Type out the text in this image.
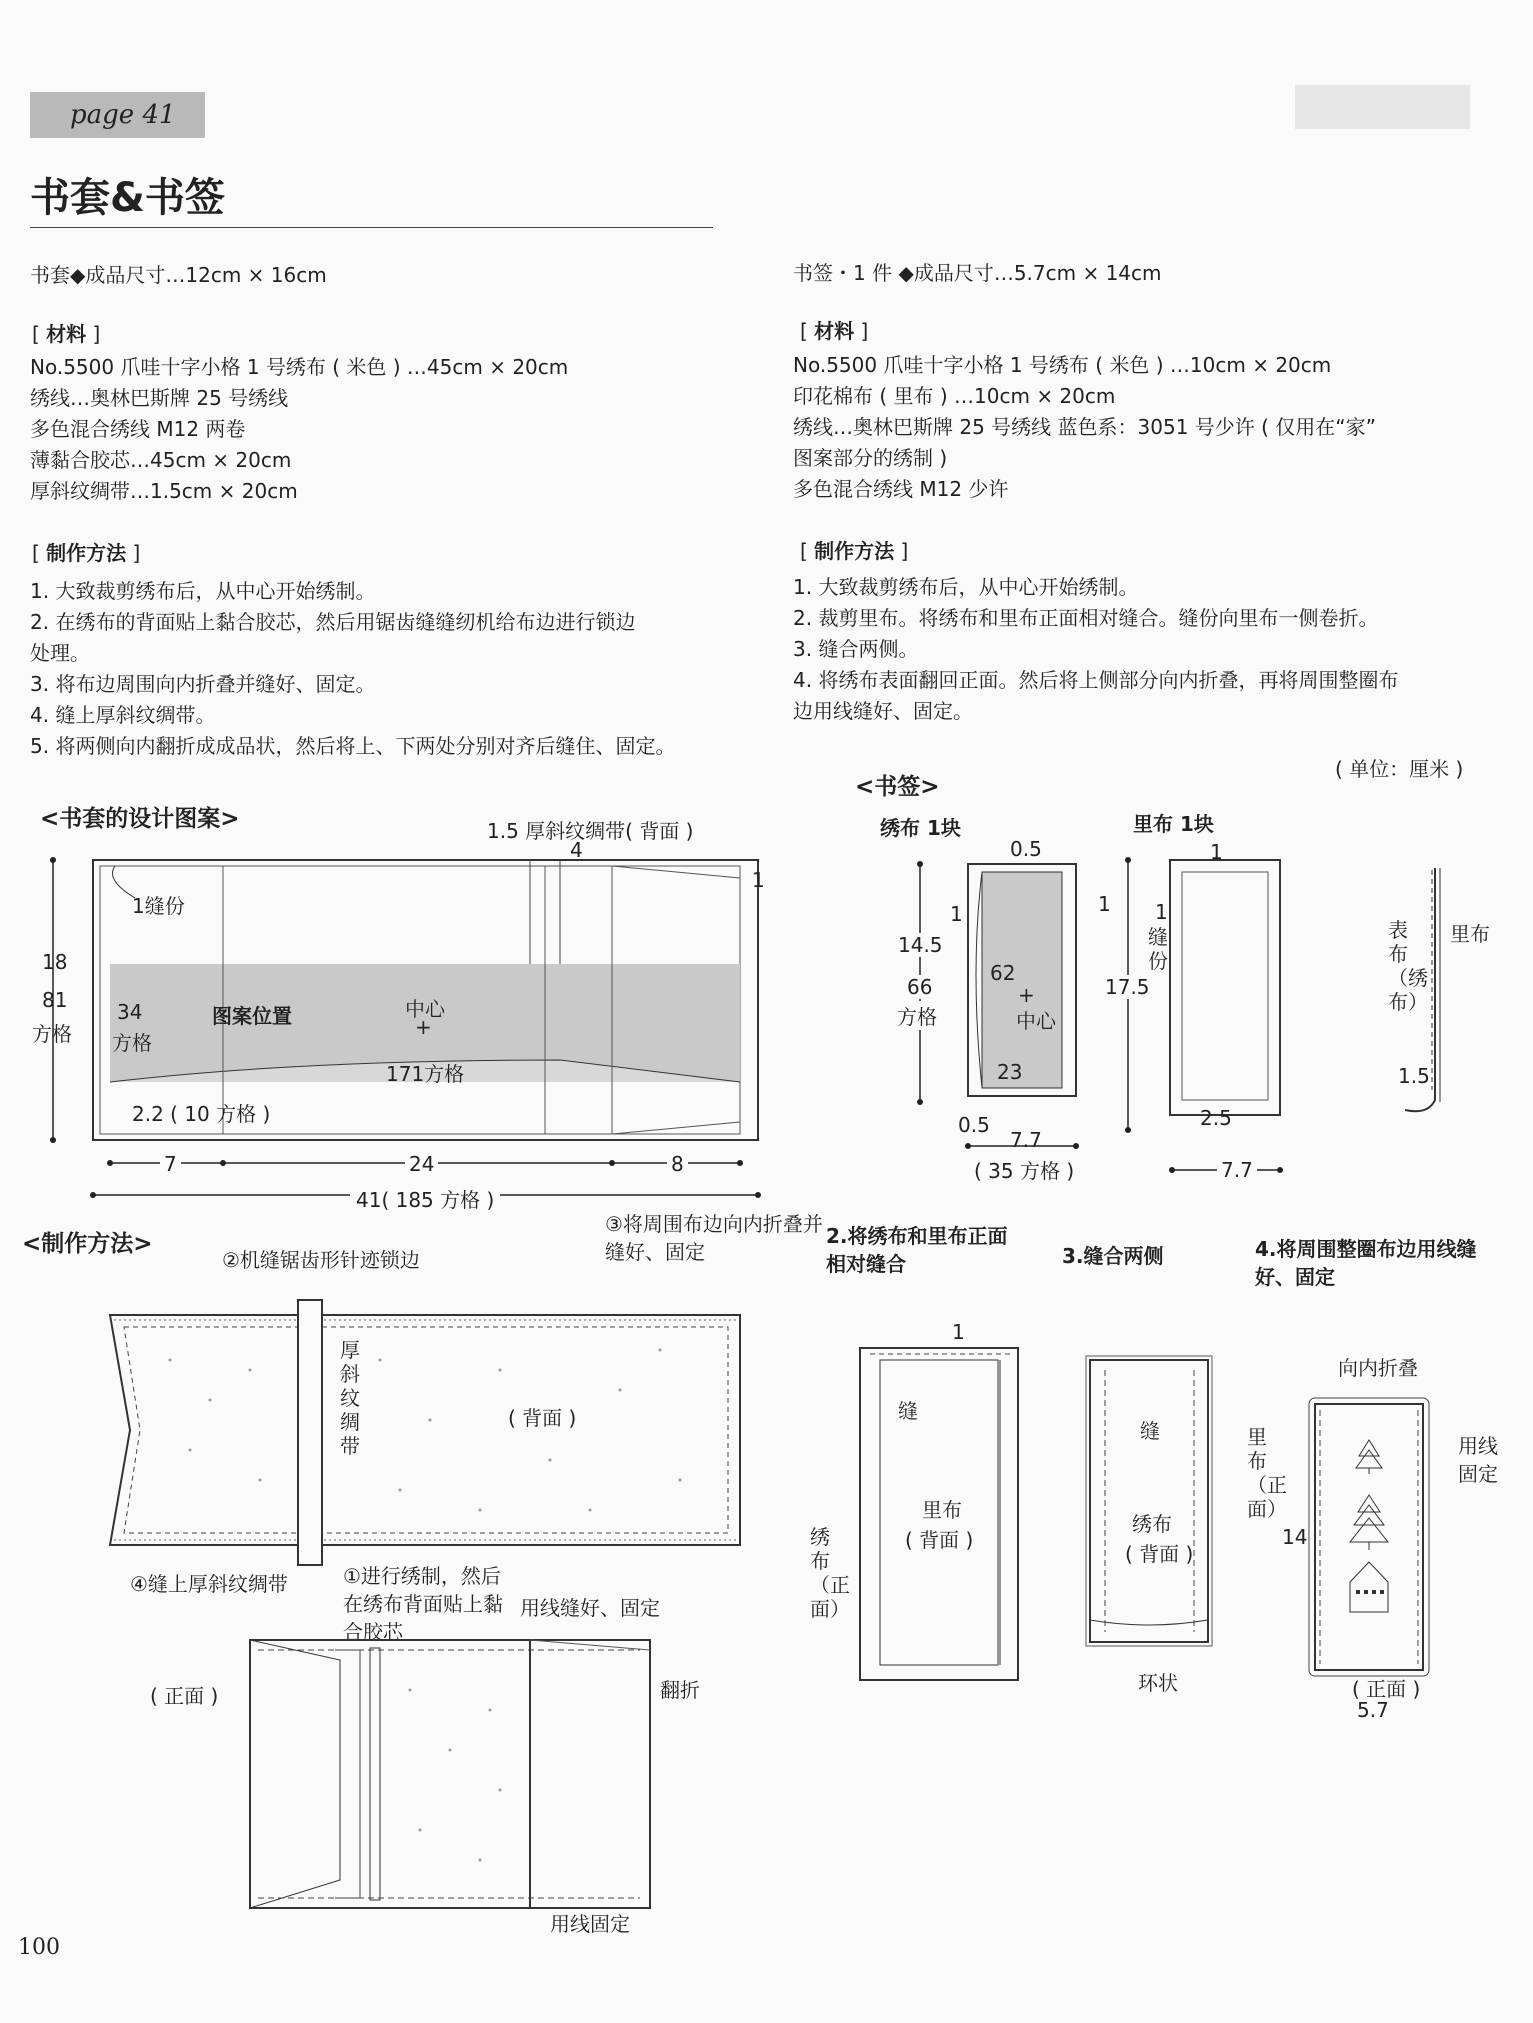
page 41
书套&书签
书套◆成品尺寸…12cm × 16cm
[ 材料 ]
No.5500 爪哇十字小格 1 号绣布 ( 米色 ) …45cm × 20cm
绣线…奥林巴斯牌 25 号绣线
多色混合绣线 M12 两卷
薄黏合胶芯…45cm × 20cm
厚斜纹绸带…1.5cm × 20cm
[ 制作方法 ]
1. 大致裁剪绣布后，从中心开始绣制。
2. 在绣布的背面贴上黏合胶芯，然后用锯齿缝缝纫机给布边进行锁边
处理。
3. 将布边周围向内折叠并缝好、固定。
4. 缝上厚斜纹绸带。
5. 将两侧向内翻折成成品状，然后将上、下两处分别对齐后缝住、固定。
书签・1 件 ◆成品尺寸…5.7cm × 14cm
[ 材料 ]
No.5500 爪哇十字小格 1 号绣布 ( 米色 ) …10cm × 20cm
印花棉布 ( 里布 ) …10cm × 20cm
绣线…奥林巴斯牌 25 号绣线 蓝色系：3051 号少许 ( 仅用在“家”
图案部分的绣制 )
多色混合绣线 M12 少许
[ 制作方法 ]
1. 大致裁剪绣布后，从中心开始绣制。
2. 裁剪里布。将绣布和里布正面相对缝合。缝份向里布一侧卷折。
3. 缝合两侧。
4. 将绣布表面翻回正面。然后将上侧部分向内折叠，再将周围整圈布
边用线缝好、固定。
( 单位：厘米 )
<书套的设计图案>	1.5 厚斜纹绸带( 背面 )
4
1
1缝份
18
81
方格
34
方格
图案位置	中心
+
171方格
2.2 ( 10 方格 )
7	24	8
41( 185 方格 )
<书签>
绣布 1块	里布 1块
0.5
1	1
14.5
66
方格
62
+
中心
23
0.5
7.7
( 35 方格 )
1
1
缝份
17.5
2.5
7.7
表布（绣布）
里布
1.5
<制作方法>
②机缝锯齿形针迹锁边
③将周围布边向内折叠并缝好、固定
厚斜纹绸带
( 背面 )
④缝上厚斜纹绸带	①进行绣制，然后在绣布背面贴上黏合胶芯
用线缝好、固定
( 正面 )	翻折
用线固定
2.将绣布和里布正面相对缝合	3.缝合两侧	4.将周围整圈布边用线缝好、固定
1
缝
里布
( 背面 )
绣布（正面）
缝
绣布
( 背面 )
里布（正面）
环状
向内折叠
用线固定
14
( 正面 )
5.7
100
